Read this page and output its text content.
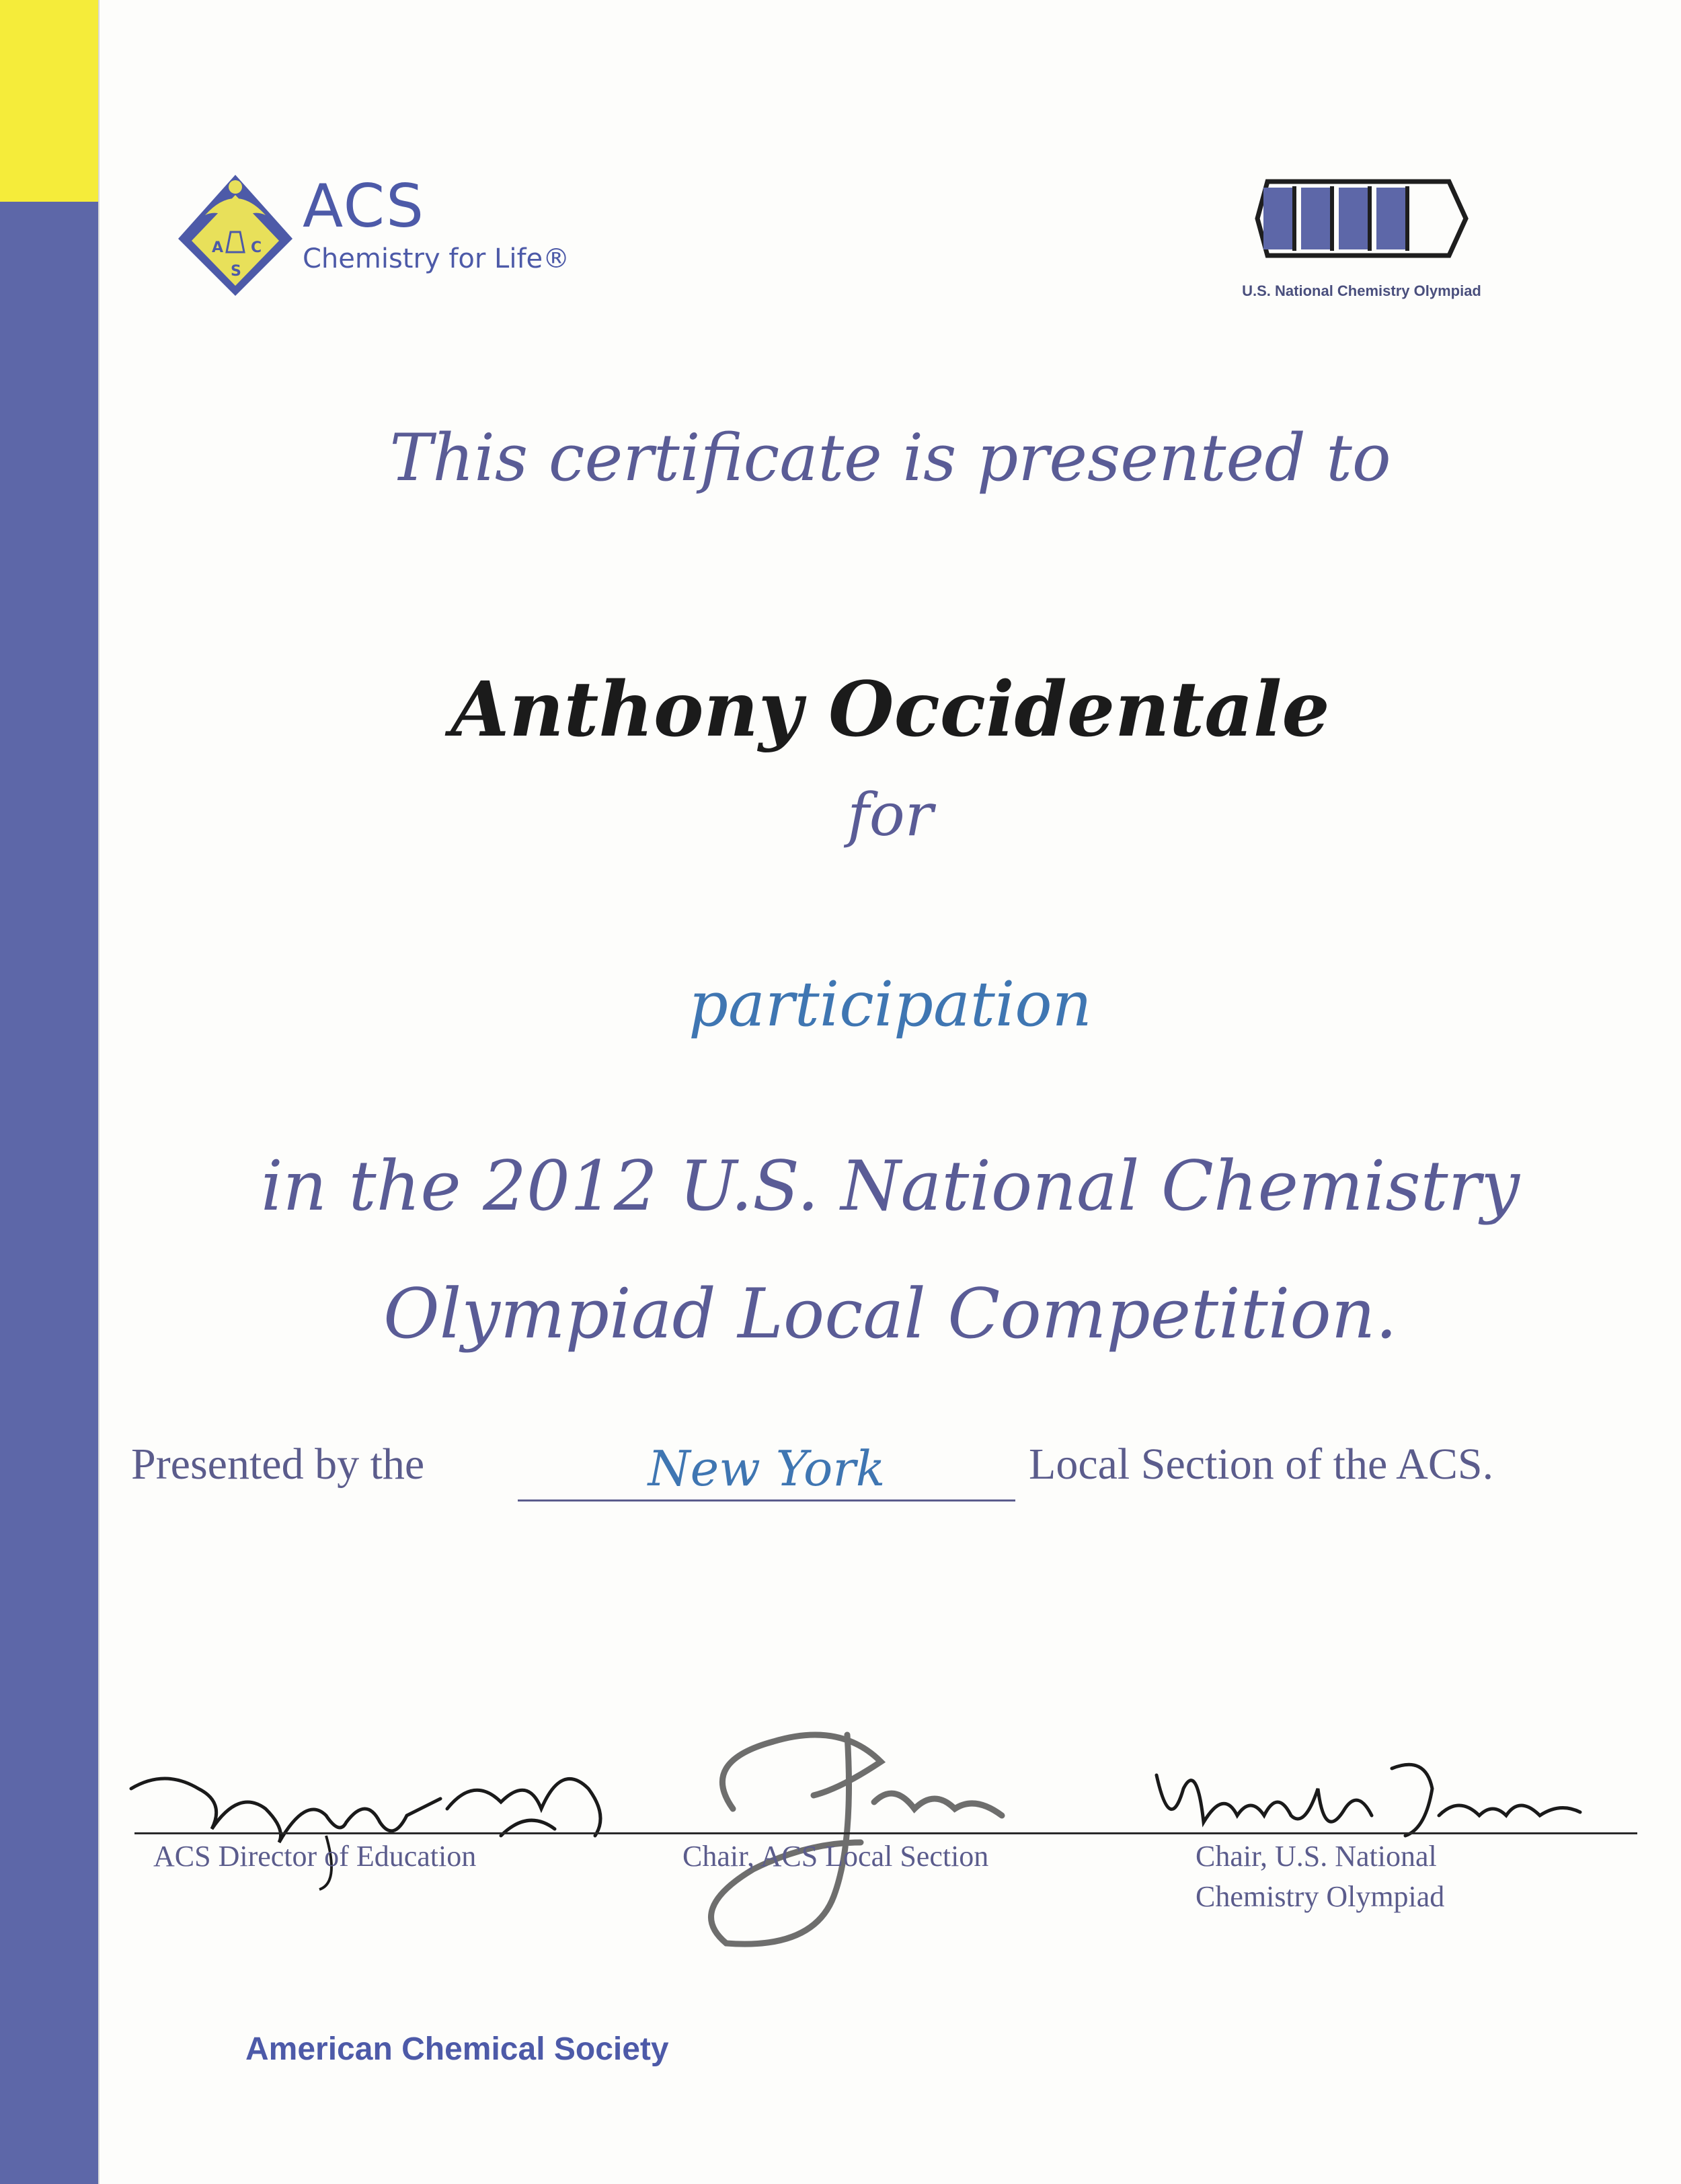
A C
S
ACS
Chemistry for Life®
U.S. National Chemistry Olympiad
This certificate is presented to
Anthony Occidentale
for
participation
in the 2012 U.S. National Chemistry
Olympiad Local Competition.
Presented by the	New York	Local Section of the ACS.
ACS Director of Education	Chair, ACS Local Section	Chair, U.S. National
Chemistry Olympiad
American Chemical Society
